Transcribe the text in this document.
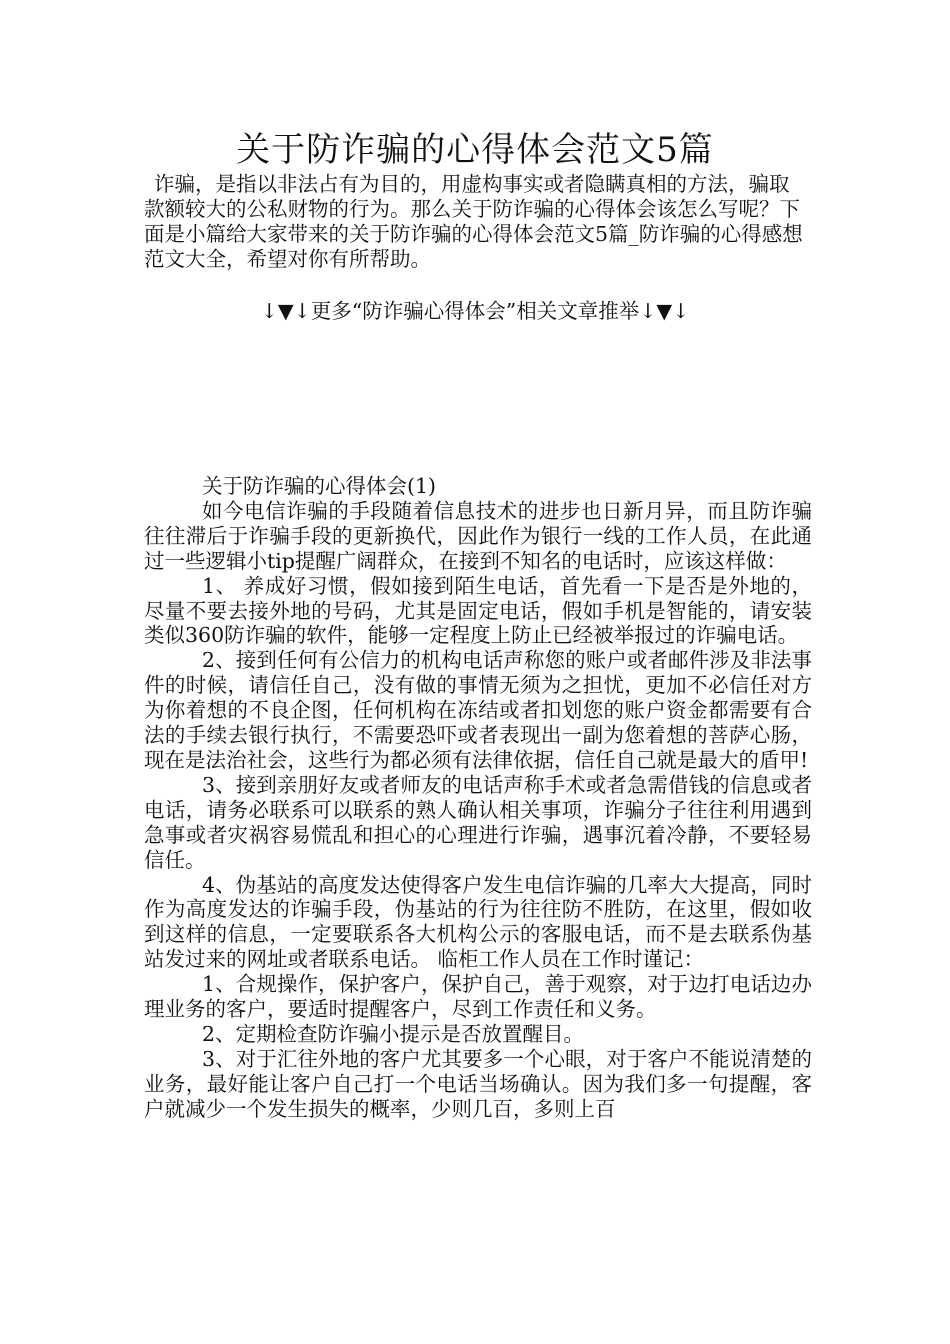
关于防诈骗的心得体会范文5篇

诈骗，是指以非法占有为目的，用虚构事实或者隐瞒真相的方法，骗取款额较大的公私财物的行为。那么关于防诈骗的心得体会该怎么写呢？下面是小篇给大家带来的关于防诈骗的心得体会范文5篇_防诈骗的心得感想范文大全，希望对你有所帮助。

↓▼↓更多“防诈骗心得体会”相关文章推举↓▼↓

关于防诈骗的心得体会(1)

如今电信诈骗的手段随着信息技术的进步也日新月异，而且防诈骗往往滞后于诈骗手段的更新换代，因此作为银行一线的工作人员，在此通过一些逻辑小tip提醒广阔群众，在接到不知名的电话时，应该这样做：

1、 养成好习惯，假如接到陌生电话，首先看一下是否是外地的，尽量不要去接外地的号码，尤其是固定电话，假如手机是智能的，请安装类似360防诈骗的软件，能够一定程度上防止已经被举报过的诈骗电话。

2、接到任何有公信力的机构电话声称您的账户或者邮件涉及非法事件的时候，请信任自己，没有做的事情无须为之担忧，更加不必信任对方为你着想的不良企图，任何机构在冻结或者扣划您的账户资金都需要有合法的手续去银行执行，不需要恐吓或者表现出一副为您着想的菩萨心肠，现在是法治社会，这些行为都必须有法律依据，信任自己就是最大的盾甲!

3、接到亲朋好友或者师友的电话声称手术或者急需借钱的信息或者电话，请务必联系可以联系的熟人确认相关事项，诈骗分子往往利用遇到急事或者灾祸容易慌乱和担心的心理进行诈骗，遇事沉着冷静，不要轻易信任。

4、伪基站的高度发达使得客户发生电信诈骗的几率大大提高，同时作为高度发达的诈骗手段，伪基站的行为往往防不胜防，在这里，假如收到这样的信息，一定要联系各大机构公示的客服电话，而不是去联系伪基站发过来的网址或者联系电话。 临柜工作人员在工作时谨记：

1、合规操作，保护客户，保护自己，善于观察，对于边打电话边办理业务的客户，要适时提醒客户，尽到工作责任和义务。

2、定期检查防诈骗小提示是否放置醒目。

3、对于汇往外地的客户尤其要多一个心眼，对于客户不能说清楚的业务，最好能让客户自己打一个电话当场确认。因为我们多一句提醒，客户就减少一个发生损失的概率，少则几百，多则上百
